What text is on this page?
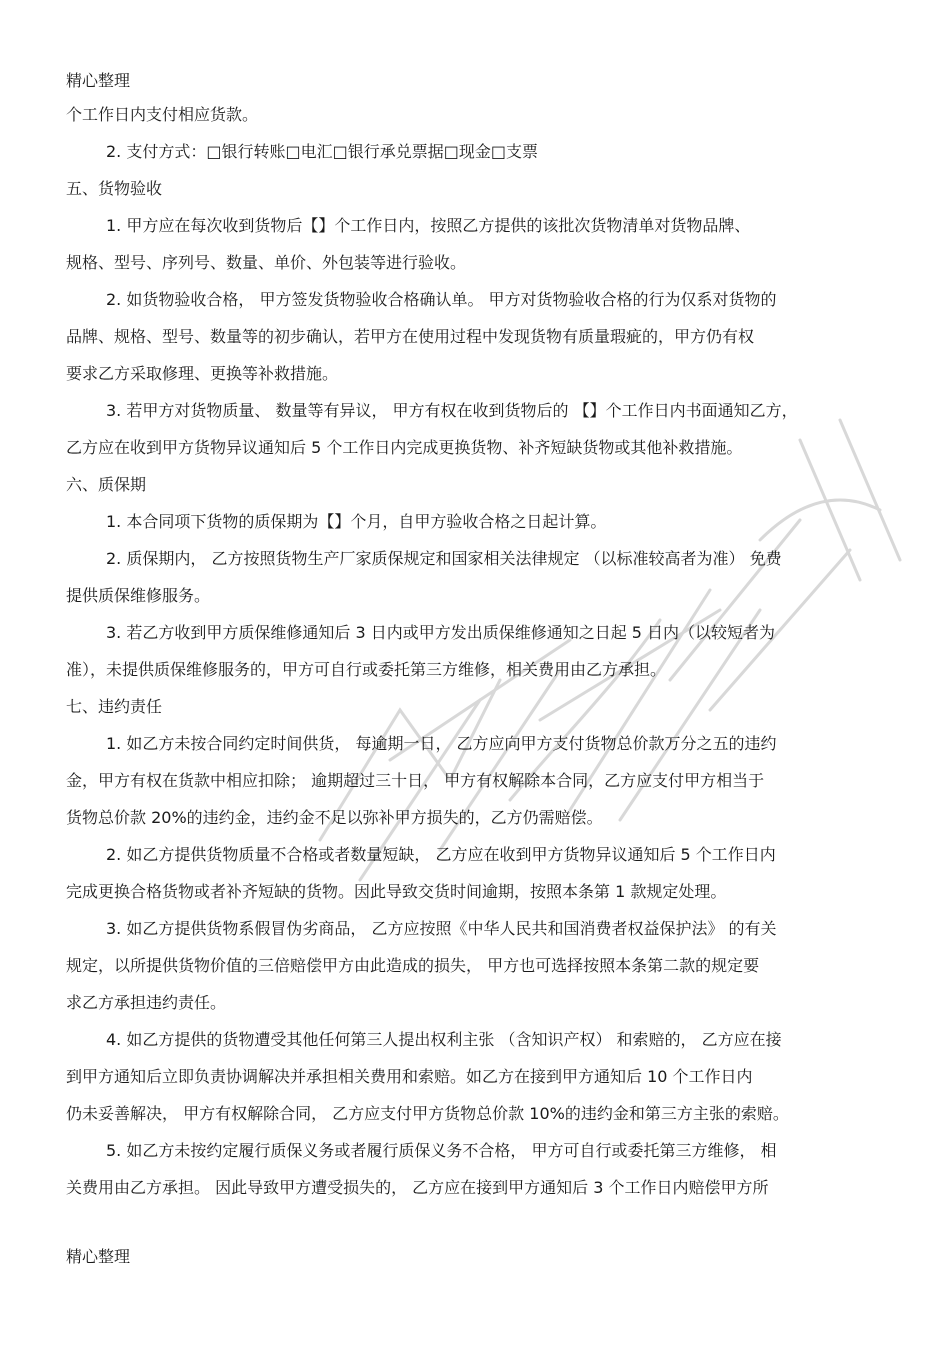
精心整理
个工作日内支付相应货款。
2. 支付方式：□银行转账□电汇□银行承兑票据□现金□支票
五、货物验收
1. 甲方应在每次收到货物后【】个工作日内，按照乙方提供的该批次货物清单对货物品牌、
规格、型号、序列号、数量、单价、外包装等进行验收。
2. 如货物验收合格， 甲方签发货物验收合格确认单。 甲方对货物验收合格的行为仅系对货物的
品牌、规格、型号、数量等的初步确认，若甲方在使用过程中发现货物有质量瑕疵的，甲方仍有权
要求乙方采取修理、更换等补救措施。
3. 若甲方对货物质量、 数量等有异议， 甲方有权在收到货物后的 【】个工作日内书面通知乙方，
乙方应在收到甲方货物异议通知后 5 个工作日内完成更换货物、补齐短缺货物或其他补救措施。
六、质保期
1. 本合同项下货物的质保期为【】个月，自甲方验收合格之日起计算。
2. 质保期内， 乙方按照货物生产厂家质保规定和国家相关法律规定 （以标准较高者为准） 免费
提供质保维修服务。
3. 若乙方收到甲方质保维修通知后 3 日内或甲方发出质保维修通知之日起 5 日内（以较短者为
准），未提供质保维修服务的，甲方可自行或委托第三方维修，相关费用由乙方承担。
七、违约责任
1. 如乙方未按合同约定时间供货， 每逾期一日， 乙方应向甲方支付货物总价款万分之五的违约
金，甲方有权在货款中相应扣除； 逾期超过三十日， 甲方有权解除本合同，乙方应支付甲方相当于
货物总价款 20%的违约金，违约金不足以弥补甲方损失的，乙方仍需赔偿。
2. 如乙方提供货物质量不合格或者数量短缺， 乙方应在收到甲方货物异议通知后 5 个工作日内
完成更换合格货物或者补齐短缺的货物。因此导致交货时间逾期，按照本条第 1 款规定处理。
3. 如乙方提供货物系假冒伪劣商品， 乙方应按照《中华人民共和国消费者权益保护法》 的有关
规定，以所提供货物价值的三倍赔偿甲方由此造成的损失， 甲方也可选择按照本条第二款的规定要
求乙方承担违约责任。
4. 如乙方提供的货物遭受其他任何第三人提出权利主张 （含知识产权） 和索赔的， 乙方应在接
到甲方通知后立即负责协调解决并承担相关费用和索赔。如乙方在接到甲方通知后 10 个工作日内
仍未妥善解决， 甲方有权解除合同， 乙方应支付甲方货物总价款 10%的违约金和第三方主张的索赔。
5. 如乙方未按约定履行质保义务或者履行质保义务不合格， 甲方可自行或委托第三方维修， 相
关费用由乙方承担。 因此导致甲方遭受损失的， 乙方应在接到甲方通知后 3 个工作日内赔偿甲方所
精心整理
